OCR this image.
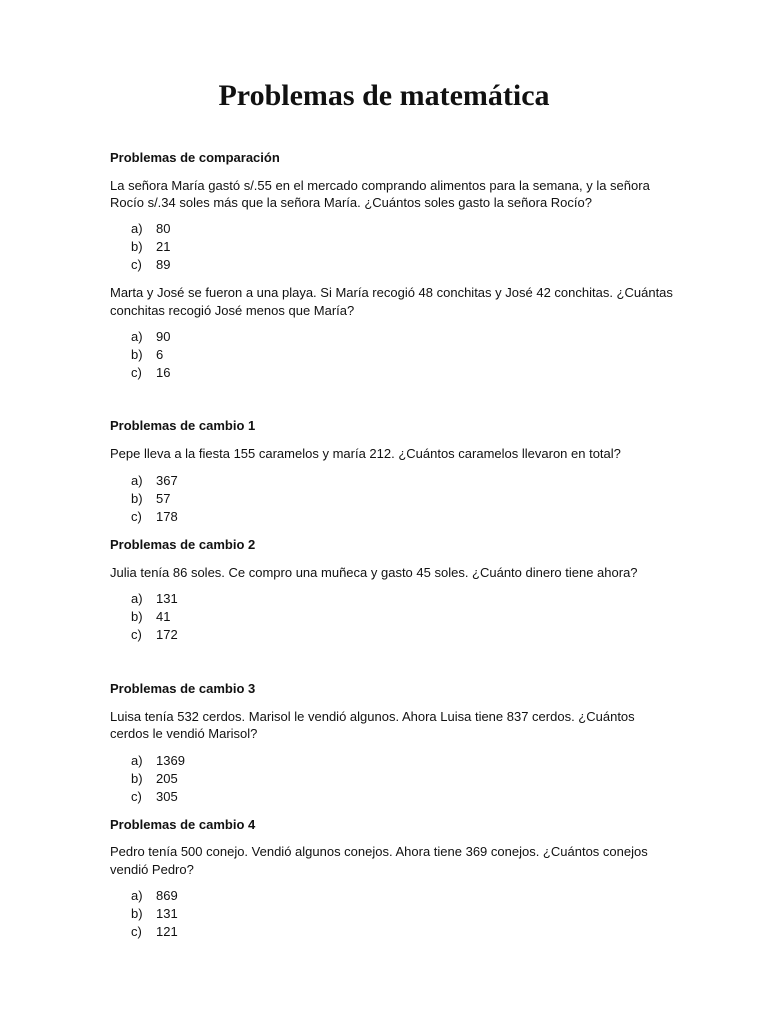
Problemas de matemática
Problemas de comparación
La señora María gastó s/.55 en el mercado comprando alimentos para la semana, y la señora
Rocío s/.34 soles más que la señora María. ¿Cuántos soles gasto la señora Rocío?
a) 80
b) 21
c) 89
Marta y José se fueron a una playa. Si María recogió 48 conchitas y José 42 conchitas. ¿Cuántas
conchitas recogió José menos que María?
a) 90
b) 6
c) 16
Problemas de cambio 1
Pepe lleva a la fiesta 155 caramelos y maría 212. ¿Cuántos caramelos llevaron en total?
a) 367
b) 57
c) 178
Problemas de cambio 2
Julia tenía 86 soles. Ce compro una muñeca y gasto 45 soles. ¿Cuánto dinero tiene ahora?
a) 131
b) 41
c) 172
Problemas de cambio 3
Luisa tenía 532 cerdos. Marisol le vendió algunos. Ahora Luisa tiene 837 cerdos. ¿Cuántos
cerdos le vendió Marisol?
a) 1369
b) 205
c) 305
Problemas de cambio 4
Pedro tenía 500 conejo. Vendió algunos conejos. Ahora tiene 369 conejos. ¿Cuántos conejos
vendió Pedro?
a) 869
b) 131
c) 121
